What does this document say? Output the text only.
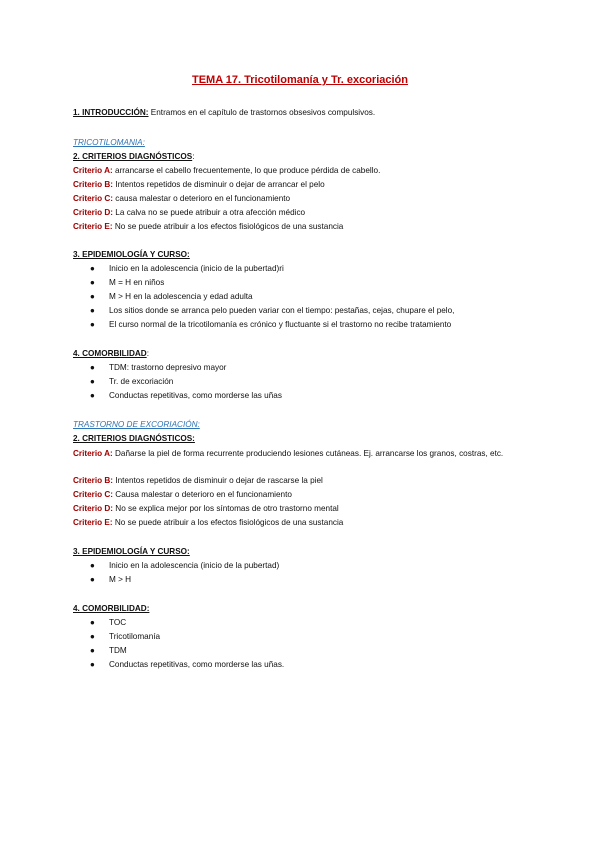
TEMA 17. Tricotilomanía y Tr. excoriación
1. INTRODUCCIÓN: Entramos en el capítulo de trastornos obsesivos compulsivos.
TRICOTILOMANIA:
2. CRITERIOS DIAGNÓSTICOS:
Criterio A: arrancarse el cabello frecuentemente, lo que produce pérdida de cabello.
Criterio B: Intentos repetidos de disminuir o dejar de arrancar el pelo
Criterio C: causa malestar o deterioro en el funcionamiento
Criterio D: La calva no se puede atribuir a otra afección médico
Criterio E: No se puede atribuir a los efectos fisiológicos de una sustancia
3. EPIDEMIOLOGÍA Y CURSO:
● Inicio en la adolescencia (inicio de la pubertad)ri
● M = H en niños
● M > H en la adolescencia y edad adulta
● Los sitios donde se arranca pelo pueden variar con el tiempo: pestañas, cejas, chupare el pelo,
● El curso normal de la tricotilomanía es crónico y fluctuante si el trastorno no recibe tratamiento
4. COMORBILIDAD:
● TDM: trastorno depresivo mayor
● Tr. de excoriación
● Conductas repetitivas, como morderse las uñas
TRASTORNO DE EXCORIACIÓN:
2. CRITERIOS DIAGNÓSTICOS:
Criterio A: Dañarse la piel de forma recurrente produciendo lesiones cutáneas. Ej. arrancarse los granos, costras, etc.
Criterio B: Intentos repetidos de disminuir o dejar de rascarse la piel
Criterio C: Causa malestar o deterioro en el funcionamiento
Criterio D: No se explica mejor por los síntomas de otro trastorno mental
Criterio E: No se puede atribuir a los efectos fisiológicos de una sustancia
3. EPIDEMIOLOGÍA Y CURSO:
● Inicio en la adolescencia (inicio de la pubertad)
● M > H
4. COMORBILIDAD:
● TOC
● Tricotilomanía
● TDM
● Conductas repetitivas, como morderse las uñas.
